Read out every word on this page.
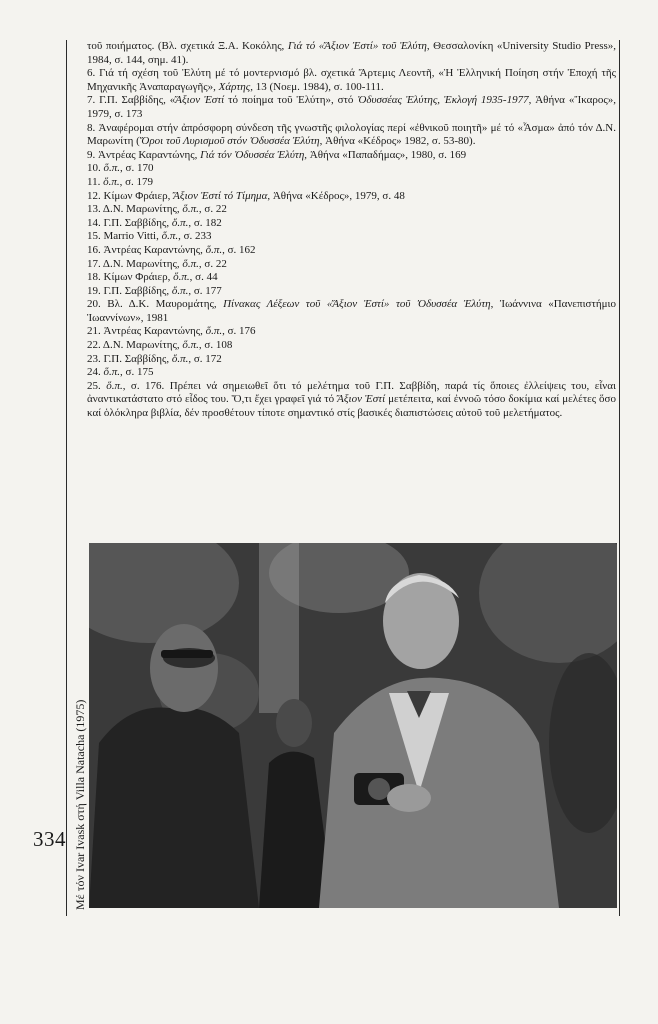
τοῦ ποιήματος. (Βλ. σχετικά Ξ.Α. Κοκόλης, Γιά τό «Ἄξιον Ἐστί» τοῦ Ἐλύτη, Θεσσαλονίκη «University Studio Press», 1984, σ. 144, σημ. 41).

6. Γιά τή σχέση τοῦ Ἐλύτη μέ τό μοντερνισμό βλ. σχετικά Ἄρτεμις Λεοντῆ, «Ἡ Ἑλληνική Ποίηση στήν Ἐποχή τῆς Μηχανικῆς Ἀναπαραγωγῆς», Χάρτης, 13 (Νοεμ. 1984), σ. 100-111.

7. Γ.Π. Σαββίδης, «Ἄξιον Ἐστί τό ποίημα τοῦ Ἐλύτη», στό Ὀδυσσέας Ἐλύτης, Ἐκλογή 1935-1977, Ἀθήνα «Ἴκαρος», 1979, σ. 173

8. Ἀναφέρομαι στήν ἀπρόσφορη σύνδεση τῆς γνωστῆς φιλολογίας περί «ἐθνικοῦ ποιητῆ» μέ τό «Ἆσμα» ἀπό τόν Δ.Ν. Μαρωνίτη (Ὅροι τοῦ Λυρισμοῦ στόν Ὀδυσσέα Ἐλύτη, Ἀθήνα «Κέδρος» 1982, σ. 53-80).

9. Ἀντρέας Καραντώνης, Γιά τόν Ὀδυσσέα Ἐλύτη, Ἀθήνα «Παπαδήμας», 1980, σ. 169

10. ὅ.π., σ. 170

11. ὅ.π., σ. 179

12. Κίμων Φράιερ, Ἄξιον Ἐστί τό Τίμημα, Ἀθήνα «Κέδρος», 1979, σ. 48

13. Δ.Ν. Μαρωνίτης, ὅ.π., σ. 22

14. Γ.Π. Σαββίδης, ὅ.π., σ. 182

15. Marrio Vitti, ὅ.π., σ. 233

16. Ἀντρέας Καραντώνης, ὅ.π., σ. 162

17. Δ.Ν. Μαρωνίτης, ὅ.π., σ. 22

18. Κίμων Φράιερ, ὅ.π., σ. 44

19. Γ.Π. Σαββίδης, ὅ.π., σ. 177

20. Βλ. Δ.Κ. Μαυρομάτης, Πίνακας Λέξεων τοῦ «Ἄξιον Ἐστί» τοῦ Ὀδυσσέα Ἐλύτη, Ἰωάννινα «Πανεπιστήμιο Ἰωαννίνων», 1981

21. Ἀντρέας Καραντώνης, ὅ.π., σ. 176

22. Δ.Ν. Μαρωνίτης, ὅ.π., σ. 108

23. Γ.Π. Σαββίδης, ὅ.π., σ. 172

24. ὅ.π., σ. 175

25. ὅ.π., σ. 176. Πρέπει νά σημειωθεῖ ὅτι τό μελέτημα τοῦ Γ.Π. Σαββίδη, παρά τίς ὅποιες ἐλλείψεις του, εἶναι ἀναντικατάστατο στό εἶδος του. Ὅ,τι ἔχει γραφεῖ γιά τό Ἄξιον Ἐστί μετέπειτα, καί ἐννοῶ τόσο δοκίμια καί μελέτες ὅσο καί ὁλόκληρα βιβλία, δέν προσθέτουν τίποτε σημαντικό στίς βασικές διαπιστώσεις αὐτοῦ τοῦ μελετήματος.

334 Μέ τόν Ivar Ivask στή Villa Natacha (1975)
